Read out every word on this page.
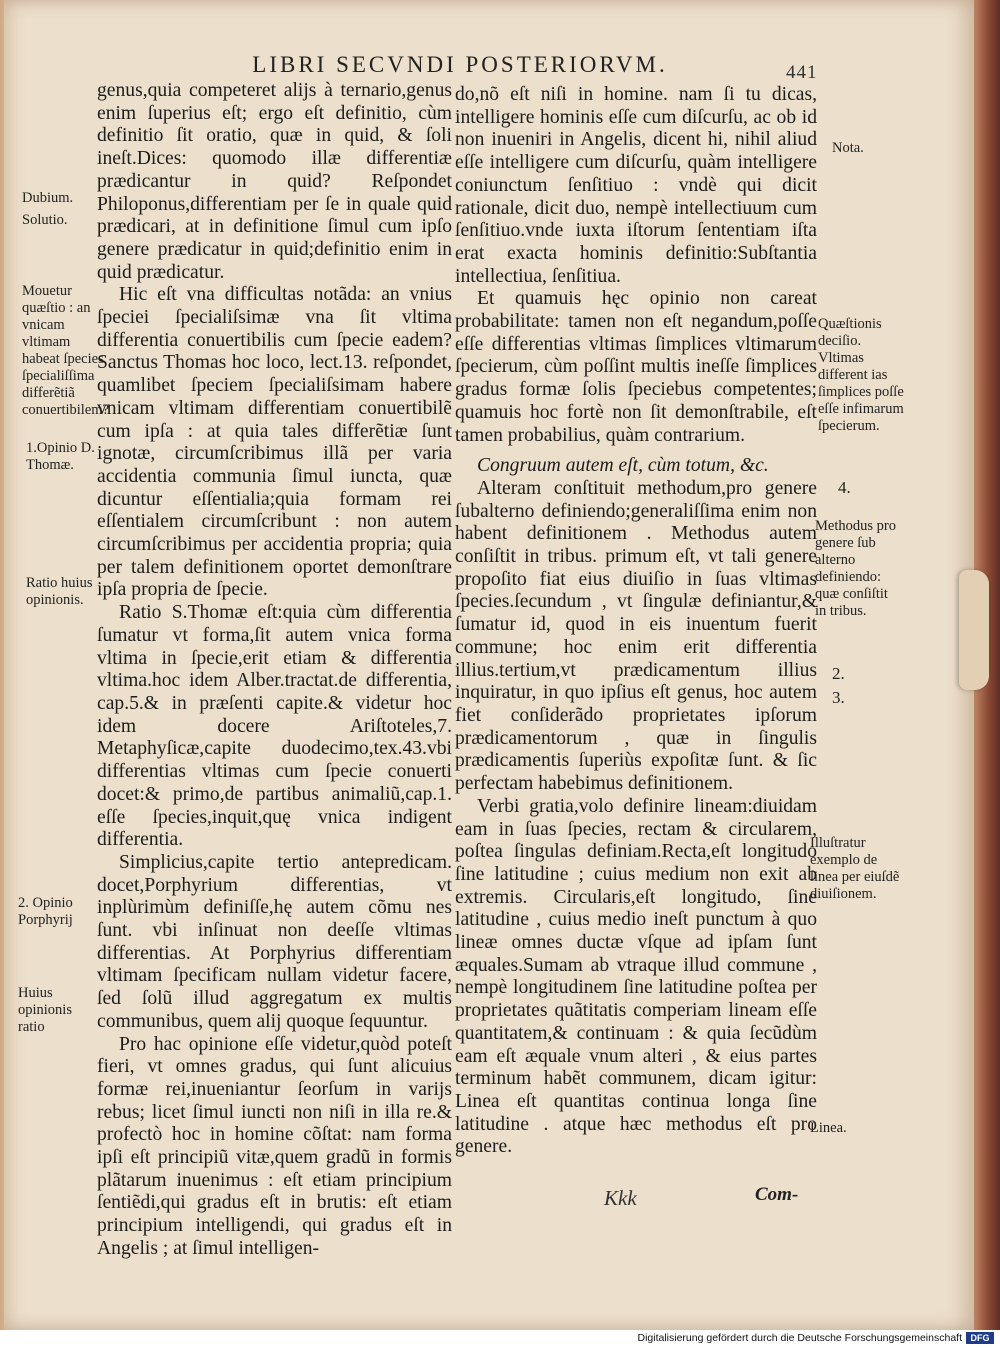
LIBRI SECVNDI POSTERIORVM.	441
Dubium.
Solutio.
Mouetur quæſtio : an vnicam vltimam habeat ſpecies ſpecialiſſima differẽtiã conuertibilem?
1.Opinio D. Thomæ.
Ratio huius opinionis.
2. Opinio Porphyrij
Huius opinionis ratio
Nota.
Quæſtionis deciſio. Vltimas different ias ſimplices poſſe eſſe infimarum ſpecierum.
4.
Methodus pro genere ſub alterno definiendo: quæ conſiſtit in tribus.
2.
3.
Illuſtratur exemplo de linea per eiuſdẽ diuiſionem.
Linea.

genus,quia competeret alijs à ternario,genus enim ſuperius eſt; ergo eſt definitio, cùm definitio ſit oratio, quæ in quid, & ſoli ineſt.Dices: quomodo illæ differentiæ prædicantur in quid? Reſpondet Philoponus,differentiam per ſe in quale quid prædicari, at in definitione ſimul cum ipſo genere prædicatur in quid;definitio enim in quid prædicatur.

Hic eſt vna difficultas notãda: an vnius ſpeciei ſpecialiſsimæ vna ſit vltima differentia conuertibilis cum ſpecie eadem? Sanctus Thomas hoc loco, lect.13. reſpondet, quamlibet ſpeciem ſpecialiſsimam habere vnicam vltimam differentiam conuertibilẽ cum ipſa : at quia tales differẽtiæ ſunt ignotæ, circumſcribimus illã per varia accidentia communia ſimul iuncta, quæ dicuntur eſſentialia;quia formam rei eſſentialem circumſcribunt : non autem circumſcribimus per accidentia propria; quia per talem definitionem oportet demonſtrare ipſa propria de ſpecie.

Ratio S.Thomæ eſt:quia cùm differentia ſumatur vt forma,ſit autem vnica forma vltima in ſpecie,erit etiam & differentia vltima.hoc idem Alber.tractat.de differentia, cap.5.& in præſenti capite.& videtur hoc idem docere Ariſtoteles,7. Metaphyſicæ,capite duodecimo,tex.43.vbi differentias vltimas cum ſpecie conuerti docet:& primo,de partibus animaliũ,cap.1. eſſe ſpecies,inquit,quę vnica indigent differentia.

Simplicius,capite tertio antepredicam. docet,Porphyrium differentias, vt inplùrimùm definiſſe,hę autem cõmu nes ſunt. vbi inſinuat non deeſſe vltimas differentias. At Porphyrius differentiam vltimam ſpecificam nullam videtur facere, ſed ſolũ illud aggregatum ex multis communibus, quem alij quoque ſequuntur.

Pro hac opinione eſſe videtur,quòd poteſt fieri, vt omnes gradus, qui ſunt alicuius formæ rei,inueniantur ſeorſum in varijs rebus; licet ſimul iuncti non niſi in illa re.& profectò hoc in homine cõſtat: nam forma ipſi eſt principiũ vitæ,quem gradũ in formis plãtarum inuenimus : eſt etiam principium ſentiẽdi,qui gradus eſt in brutis: eſt etiam principium intelligendi, qui gradus eſt in Angelis ; at ſimul intelligen-

do,nõ eſt niſi in homine. nam ſi tu dicas, intelligere hominis eſſe cum diſcurſu, ac ob id non inueniri in Angelis, dicent hi, nihil aliud eſſe intelligere cum diſcurſu, quàm intelligere coniunctum ſenſitiuo : vndè qui dicit rationale, dicit duo, nempè intellectiuum cum ſenſitiuo.vnde iuxta iſtorum ſententiam iſta erat exacta hominis definitio:Subſtantia intellectiua, ſenſitiua.

Et quamuis hęc opinio non careat probabilitate: tamen non eſt negandum,poſſe eſſe differentias vltimas ſimplices vltimarum ſpecierum, cùm poſſint multis ineſſe ſimplices gradus formæ ſolis ſpeciebus competentes; quamuis hoc fortè non ſit demonſtrabile, eſt tamen probabilius, quàm contrarium.

Congruum autem eſt, cùm totum, &c.

Alteram conſtituit methodum,pro genere ſubalterno definiendo;generaliſſima enim non habent definitionem . Methodus autem conſiſtit in tribus. primum eſt, vt tali genere propoſito fiat eius diuiſio in ſuas vltimas ſpecies.ſecundum , vt ſingulæ definiantur,& ſumatur id, quod in eis inuentum fuerit commune; hoc enim erit differentia illius.tertium,vt prædicamentum illius inquiratur, in quo ipſius eſt genus, hoc autem fiet conſiderãdo proprietates ipſorum prædicamentorum , quæ in ſingulis prædicamentis ſuperiùs expoſitæ ſunt. & ſic perfectam habebimus definitionem.

Verbi gratia,volo definire lineam:diuidam eam in ſuas ſpecies, rectam & circularem, poſtea ſingulas definiam.Recta,eſt longitudo ſine latitudine ; cuius medium non exit ab extremis. Circularis,eſt longitudo, ſine latitudine , cuius medio ineſt punctum à quo lineæ omnes ductæ vſque ad ipſam ſunt æquales.Sumam ab vtraque illud commune , nempè longitudinem ſine latitudine poſtea per proprietates quãtitatis comperiam lineam eſſe quantitatem,& continuam : & quia ſecũdùm eam eſt æquale vnum alteri , & eius partes terminum habẽt communem, dicam igitur: Linea eſt quantitas continua longa ſine latitudine . atque hæc methodus eſt pro genere.

Kkk	Com-
Digitalisierung gefördert durch die Deutsche Forschungsgemeinschaft DFG
